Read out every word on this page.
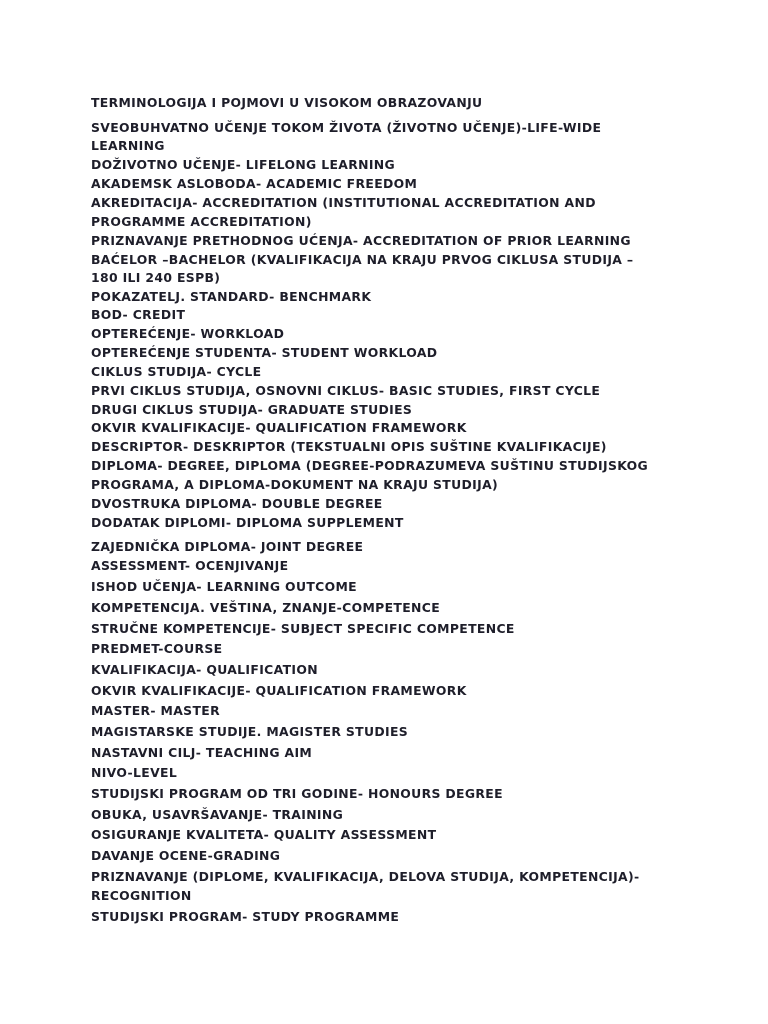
TERMINOLOGIJA I POJMOVI U VISOKOM OBRAZOVANJU
SVEOBUHVATNO UČENJE TOKOM ŽIVOTA (ŽIVOTNO UČENJE)-LIFE-WIDE
LEARNING
DOŽIVOTNO UČENJE- LIFELONG LEARNING
AKADEMSK ASLOBODA- ACADEMIC FREEDOM
AKREDITACIJA- ACCREDITATION (INSTITUTIONAL ACCREDITATION AND
PROGRAMME ACCREDITATION)
PRIZNAVANJE PRETHODNOG UĆENJA- ACCREDITATION OF PRIOR LEARNING
BAĆELOR –BACHELOR (KVALIFIKACIJA NA KRAJU PRVOG CIKLUSA STUDIJA –
180 ILI 240 ESPB)
POKAZATELJ. STANDARD- BENCHMARK
BOD- CREDIT
OPTEREĆENJE- WORKLOAD
OPTEREĆENJE STUDENTA- STUDENT WORKLOAD
CIKLUS STUDIJA- CYCLE
PRVI CIKLUS STUDIJA, OSNOVNI CIKLUS- BASIC STUDIES, FIRST CYCLE
DRUGI CIKLUS STUDIJA- GRADUATE STUDIES
OKVIR KVALIFIKACIJE- QUALIFICATION FRAMEWORK
DESCRIPTOR- DESKRIPTOR (TEKSTUALNI OPIS SUŠTINE KVALIFIKACIJE)
DIPLOMA- DEGREE, DIPLOMA (DEGREE-PODRAZUMEVA SUŠTINU STUDIJSKOG
PROGRAMA, A DIPLOMA-DOKUMENT NA KRAJU STUDIJA)
DVOSTRUKA DIPLOMA- DOUBLE DEGREE
DODATAK DIPLOMI- DIPLOMA SUPPLEMENT
ZAJEDNIČKA DIPLOMA- JOINT DEGREE
ASSESSMENT- OCENJIVANJE
ISHOD UČENJA- LEARNING OUTCOME
KOMPETENCIJA. VEŠTINA, ZNANJE-COMPETENCE
STRUČNE KOMPETENCIJE- SUBJECT SPECIFIC COMPETENCE
PREDMET-COURSE
KVALIFIKACIJA- QUALIFICATION
OKVIR KVALIFIKACIJE- QUALIFICATION FRAMEWORK
MASTER- MASTER
MAGISTARSKE STUDIJE. MAGISTER STUDIES
NASTAVNI CILJ- TEACHING AIM
NIVO-LEVEL
STUDIJSKI PROGRAM OD TRI GODINE- HONOURS DEGREE
OBUKA, USAVRŠAVANJE- TRAINING
OSIGURANJE KVALITETA- QUALITY ASSESSMENT
DAVANJE OCENE-GRADING
PRIZNAVANJE (DIPLOME, KVALIFIKACIJA, DELOVA STUDIJA, KOMPETENCIJA)-
RECOGNITION
STUDIJSKI PROGRAM- STUDY PROGRAMME
